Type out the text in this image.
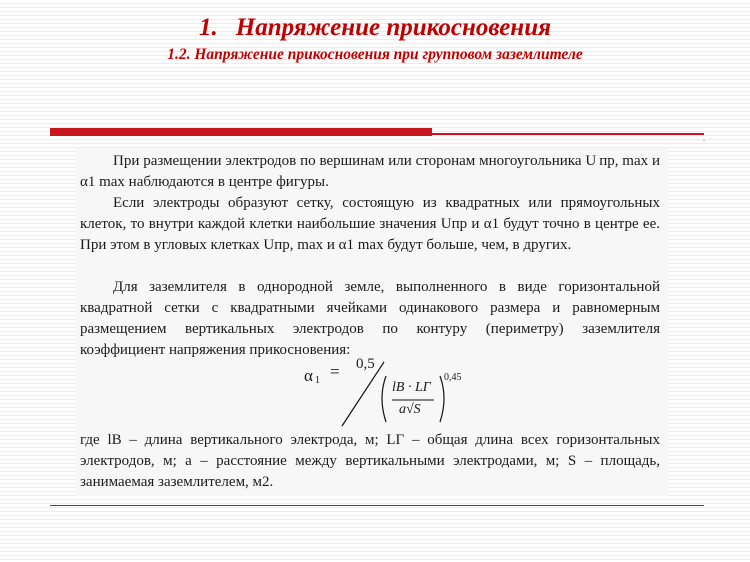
1. Напряжение прикосновения
1.2. Напряжение прикосновения при групповом заземлителе
.

При размещении электродов по вершинам или сторонам многоугольника U пр, max и α1 max наблюдаются в центре фигуры.

Если электроды образуют сетку, состоящую из квадратных или прямоугольных клеток, то внутри каждой клетки наибольшие значения Uпр и α1 будут точно в центре ее. При этом в угловых клетках Uпр, max и α1 max будут больше, чем, в других.

Для заземлителя в однородной земле, выполненного в виде горизонтальной квадратной сетки с квадратными ячейками одинакового размера и равномерным размещением вертикальных электродов по контуру (периметру) заземлителя коэффициент напряжения прикосновения:

α 1 = 0,5
lВ · LГ
a√S
0,45

где lВ – длина вертикального электрода, м; LГ – общая длина всех горизонтальных электродов, м; a – расстояние между вертикальными электродами, м; S – площадь, занимаемая заземлителем, м2.
